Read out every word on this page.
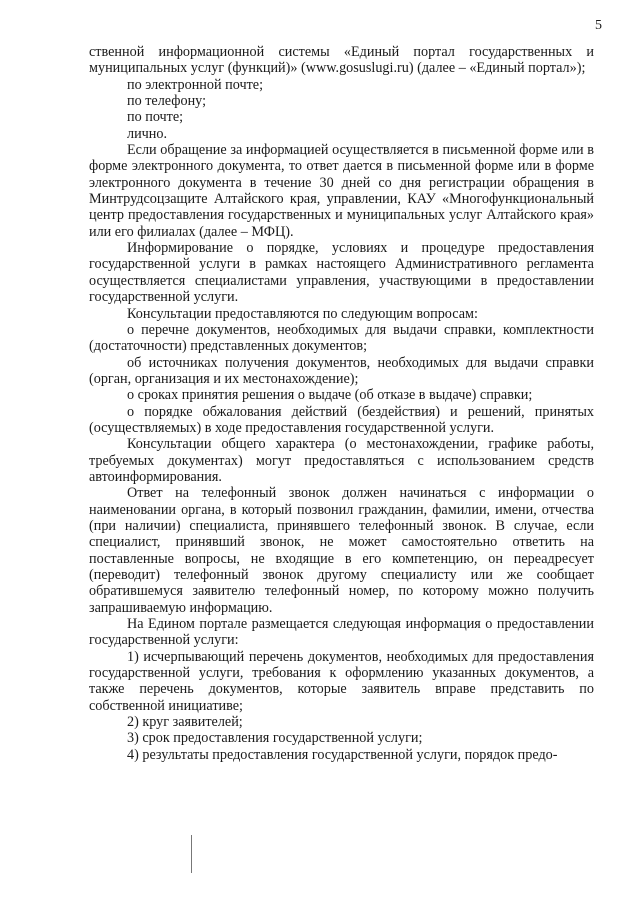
5

ственной информационной системы «Единый портал государственных и муниципальных услуг (функций)» (www.gosuslugi.ru) (далее – «Единый портал»);

по электронной почте;

по телефону;

по почте;

лично.

Если обращение за информацией осуществляется в письменной форме или в форме электронного документа, то ответ дается в письменной форме или в форме электронного документа в течение 30 дней со дня регистрации обращения в Минтрудсоцзащите Алтайского края, управлении, КАУ «Многофункциональный центр предоставления государственных и муниципальных услуг Алтайского края» или его филиалах (далее – МФЦ).

Информирование о порядке, условиях и процедуре предоставления государственной услуги в рамках настоящего Административного регламента осуществляется специалистами управления, участвующими в предоставлении государственной услуги.

Консультации предоставляются по следующим вопросам:

о перечне документов, необходимых для выдачи справки, комплектности (достаточности) представленных документов;

об источниках получения документов, необходимых для выдачи справки (орган, организация и их местонахождение);

о сроках принятия решения о выдаче (об отказе в выдаче) справки;

о порядке обжалования действий (бездействия) и решений, принятых (осуществляемых) в ходе предоставления государственной услуги.

Консультации общего характера (о местонахождении, графике работы, требуемых документах) могут предоставляться с использованием средств автоинформирования.

Ответ на телефонный звонок должен начинаться с информации о наименовании органа, в который позвонил гражданин, фамилии, имени, отчества (при наличии) специалиста, принявшего телефонный звонок. В случае, если специалист, принявший звонок, не может самостоятельно ответить на поставленные вопросы, не входящие в его компетенцию, он переадресует (переводит) телефонный звонок другому специалисту или же сообщает обратившемуся заявителю телефонный номер, по которому можно получить запрашиваемую информацию.

На Едином портале размещается следующая информация о предоставлении государственной услуги:

1) исчерпывающий перечень документов, необходимых для предоставления государственной услуги, требования к оформлению указанных документов, а также перечень документов, которые заявитель вправе представить по собственной инициативе;

2) круг заявителей;

3) срок предоставления государственной услуги;

4) результаты предоставления государственной услуги, порядок предо-
